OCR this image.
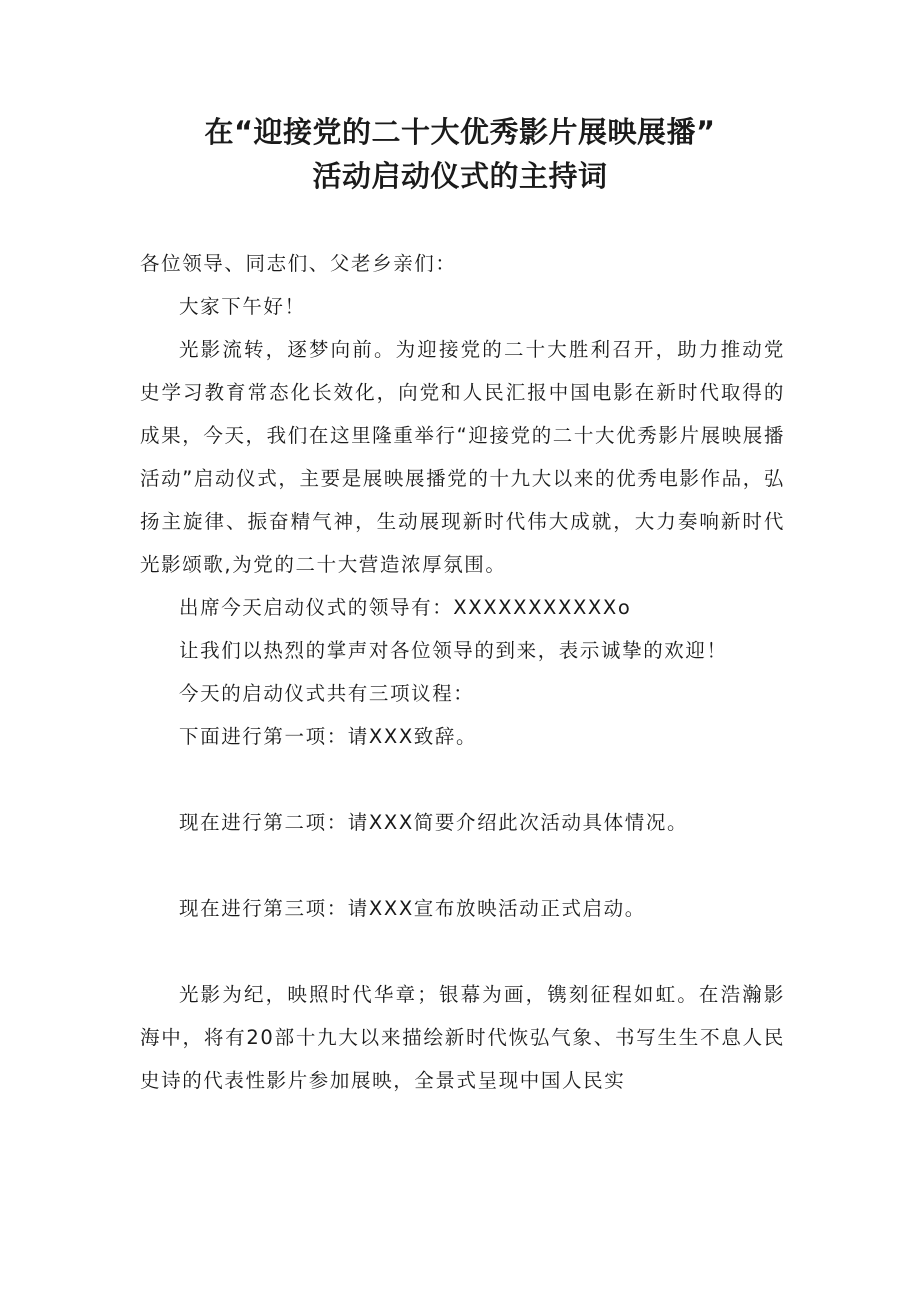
在“迎接党的二十大优秀影片展映展播”
活动启动仪式的主持词

各位领导、同志们、父老乡亲们：

大家下午好！

光影流转，逐梦向前。为迎接党的二十大胜利召开，助力推动党史学习教育常态化长效化，向党和人民汇报中国电影在新时代取得的成果，今天，我们在这里隆重举行“迎接党的二十大优秀影片展映展播活动”启动仪式，主要是展映展播党的十九大以来的优秀电影作品，弘扬主旋律、振奋精气神，生动展现新时代伟大成就，大力奏响新时代光影颂歌,为党的二十大营造浓厚氛围。

出席今天启动仪式的领导有：XXXXXXXXXXXo

让我们以热烈的掌声对各位领导的到来，表示诚挚的欢迎！

今天的启动仪式共有三项议程：

下面进行第一项：请XXX致辞。

现在进行第二项：请XXX简要介绍此次活动具体情况。

现在进行第三项：请XXX宣布放映活动正式启动。

光影为纪，映照时代华章；银幕为画，镌刻征程如虹。在浩瀚影海中，将有20部十九大以来描绘新时代恢弘气象、书写生生不息人民史诗的代表性影片参加展映，全景式呈现中国人民实
